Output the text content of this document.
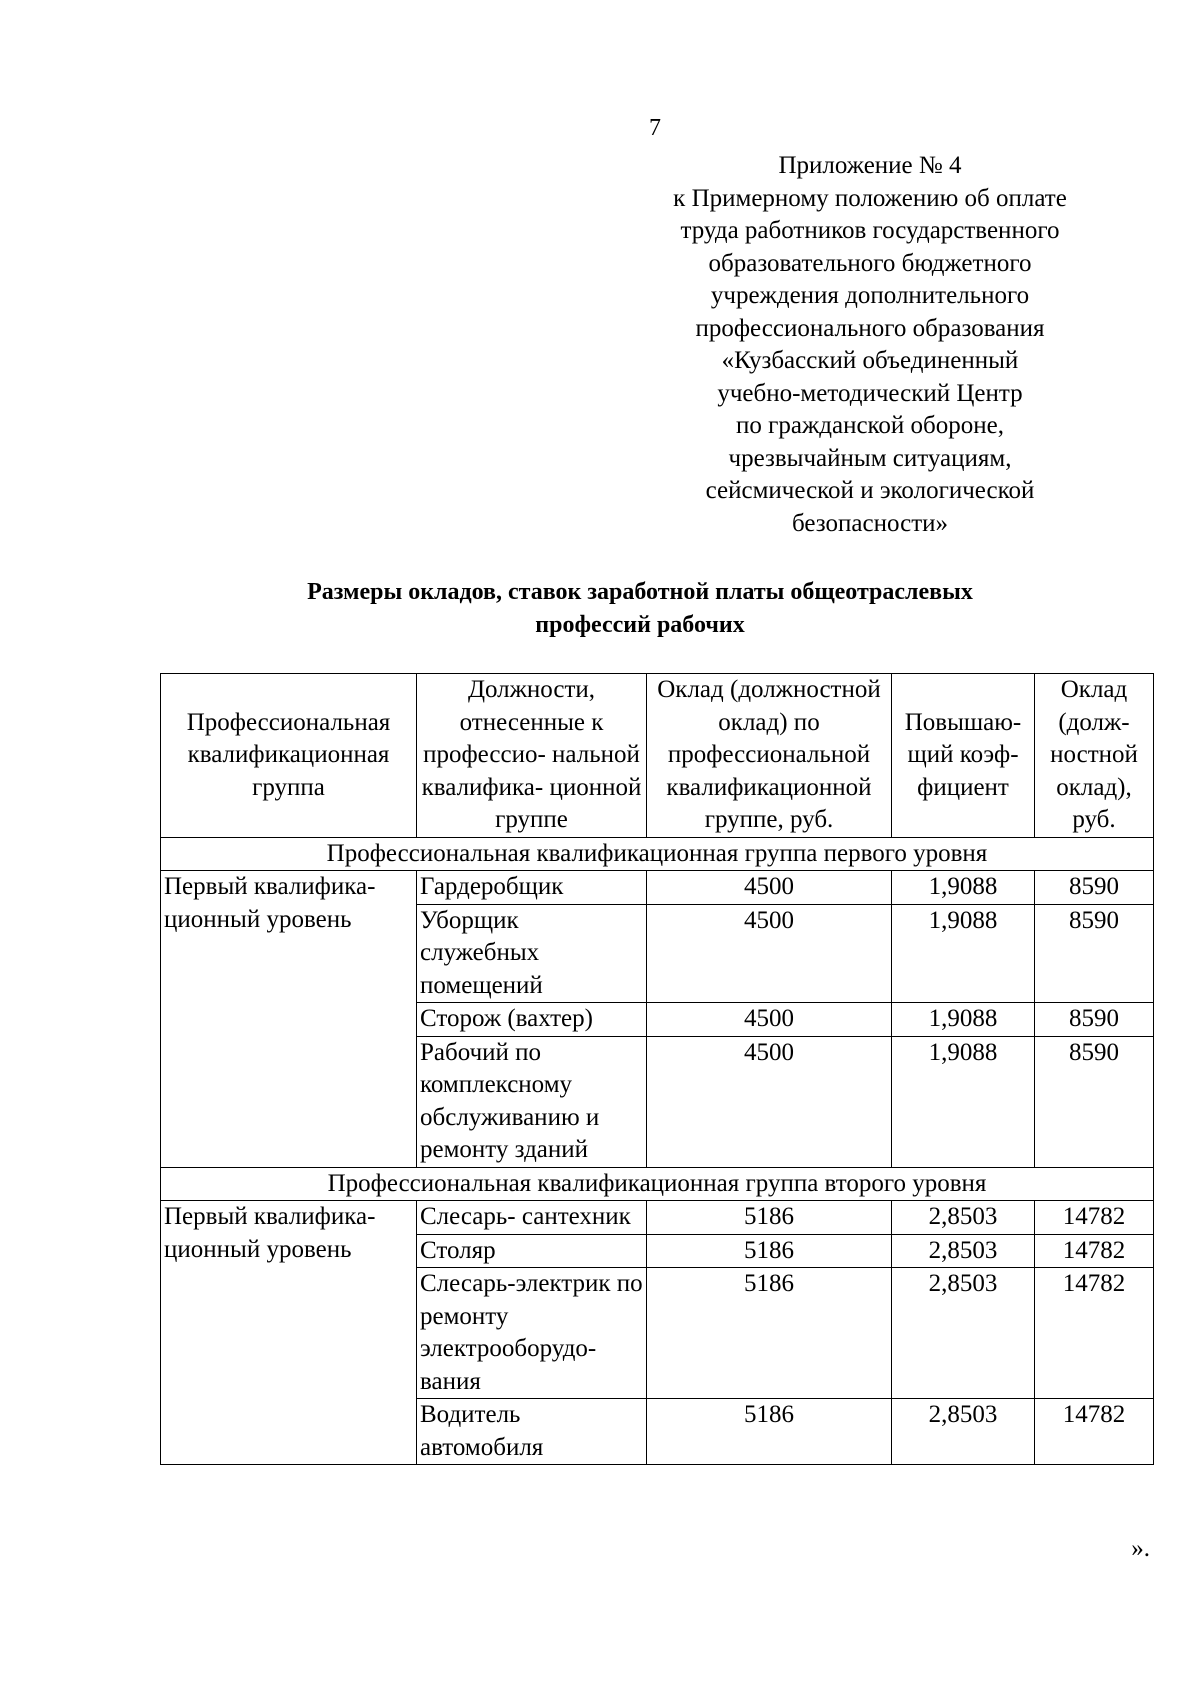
7
Приложение № 4
к Примерному положению об оплате
труда работников государственного
образовательного бюджетного
учреждения дополнительного
профессионального образования
«Кузбасский объединенный
учебно-методический Центр
по гражданской обороне,
чрезвычайным ситуациям,
сейсмической и экологической
безопасности»
Размеры окладов, ставок заработной платы общеотраслевых
профессий рабочих
Профессиональная квалификационная группа	Должности, отнесенные к профессио- нальной квалифика- ционной группе	Оклад (должностной оклад) по профессиональной квалификационной группе, руб.	Повышаю- щий коэф- фициент	Оклад (долж- ностной оклад), руб.
Профессиональная квалификационная группа первого уровня				
Первый квалифика- ционный уровень	Гардеробщик	4500	1,9088	8590
	Уборщик служебных помещений	4500	1,9088	8590
	Сторож (вахтер)	4500	1,9088	8590
	Рабочий по комплексному обслуживанию и ремонту зданий	4500	1,9088	8590
Профессиональная квалификационная группа второго уровня				
Первый квалифика- ционный уровень	Слесарь- сантехник	5186	2,8503	14782
	Столяр	5186	2,8503	14782
	Слесарь-электрик по ремонту электрооборудо- вания	5186	2,8503	14782
	Водитель автомобиля	5186	2,8503	14782
».
